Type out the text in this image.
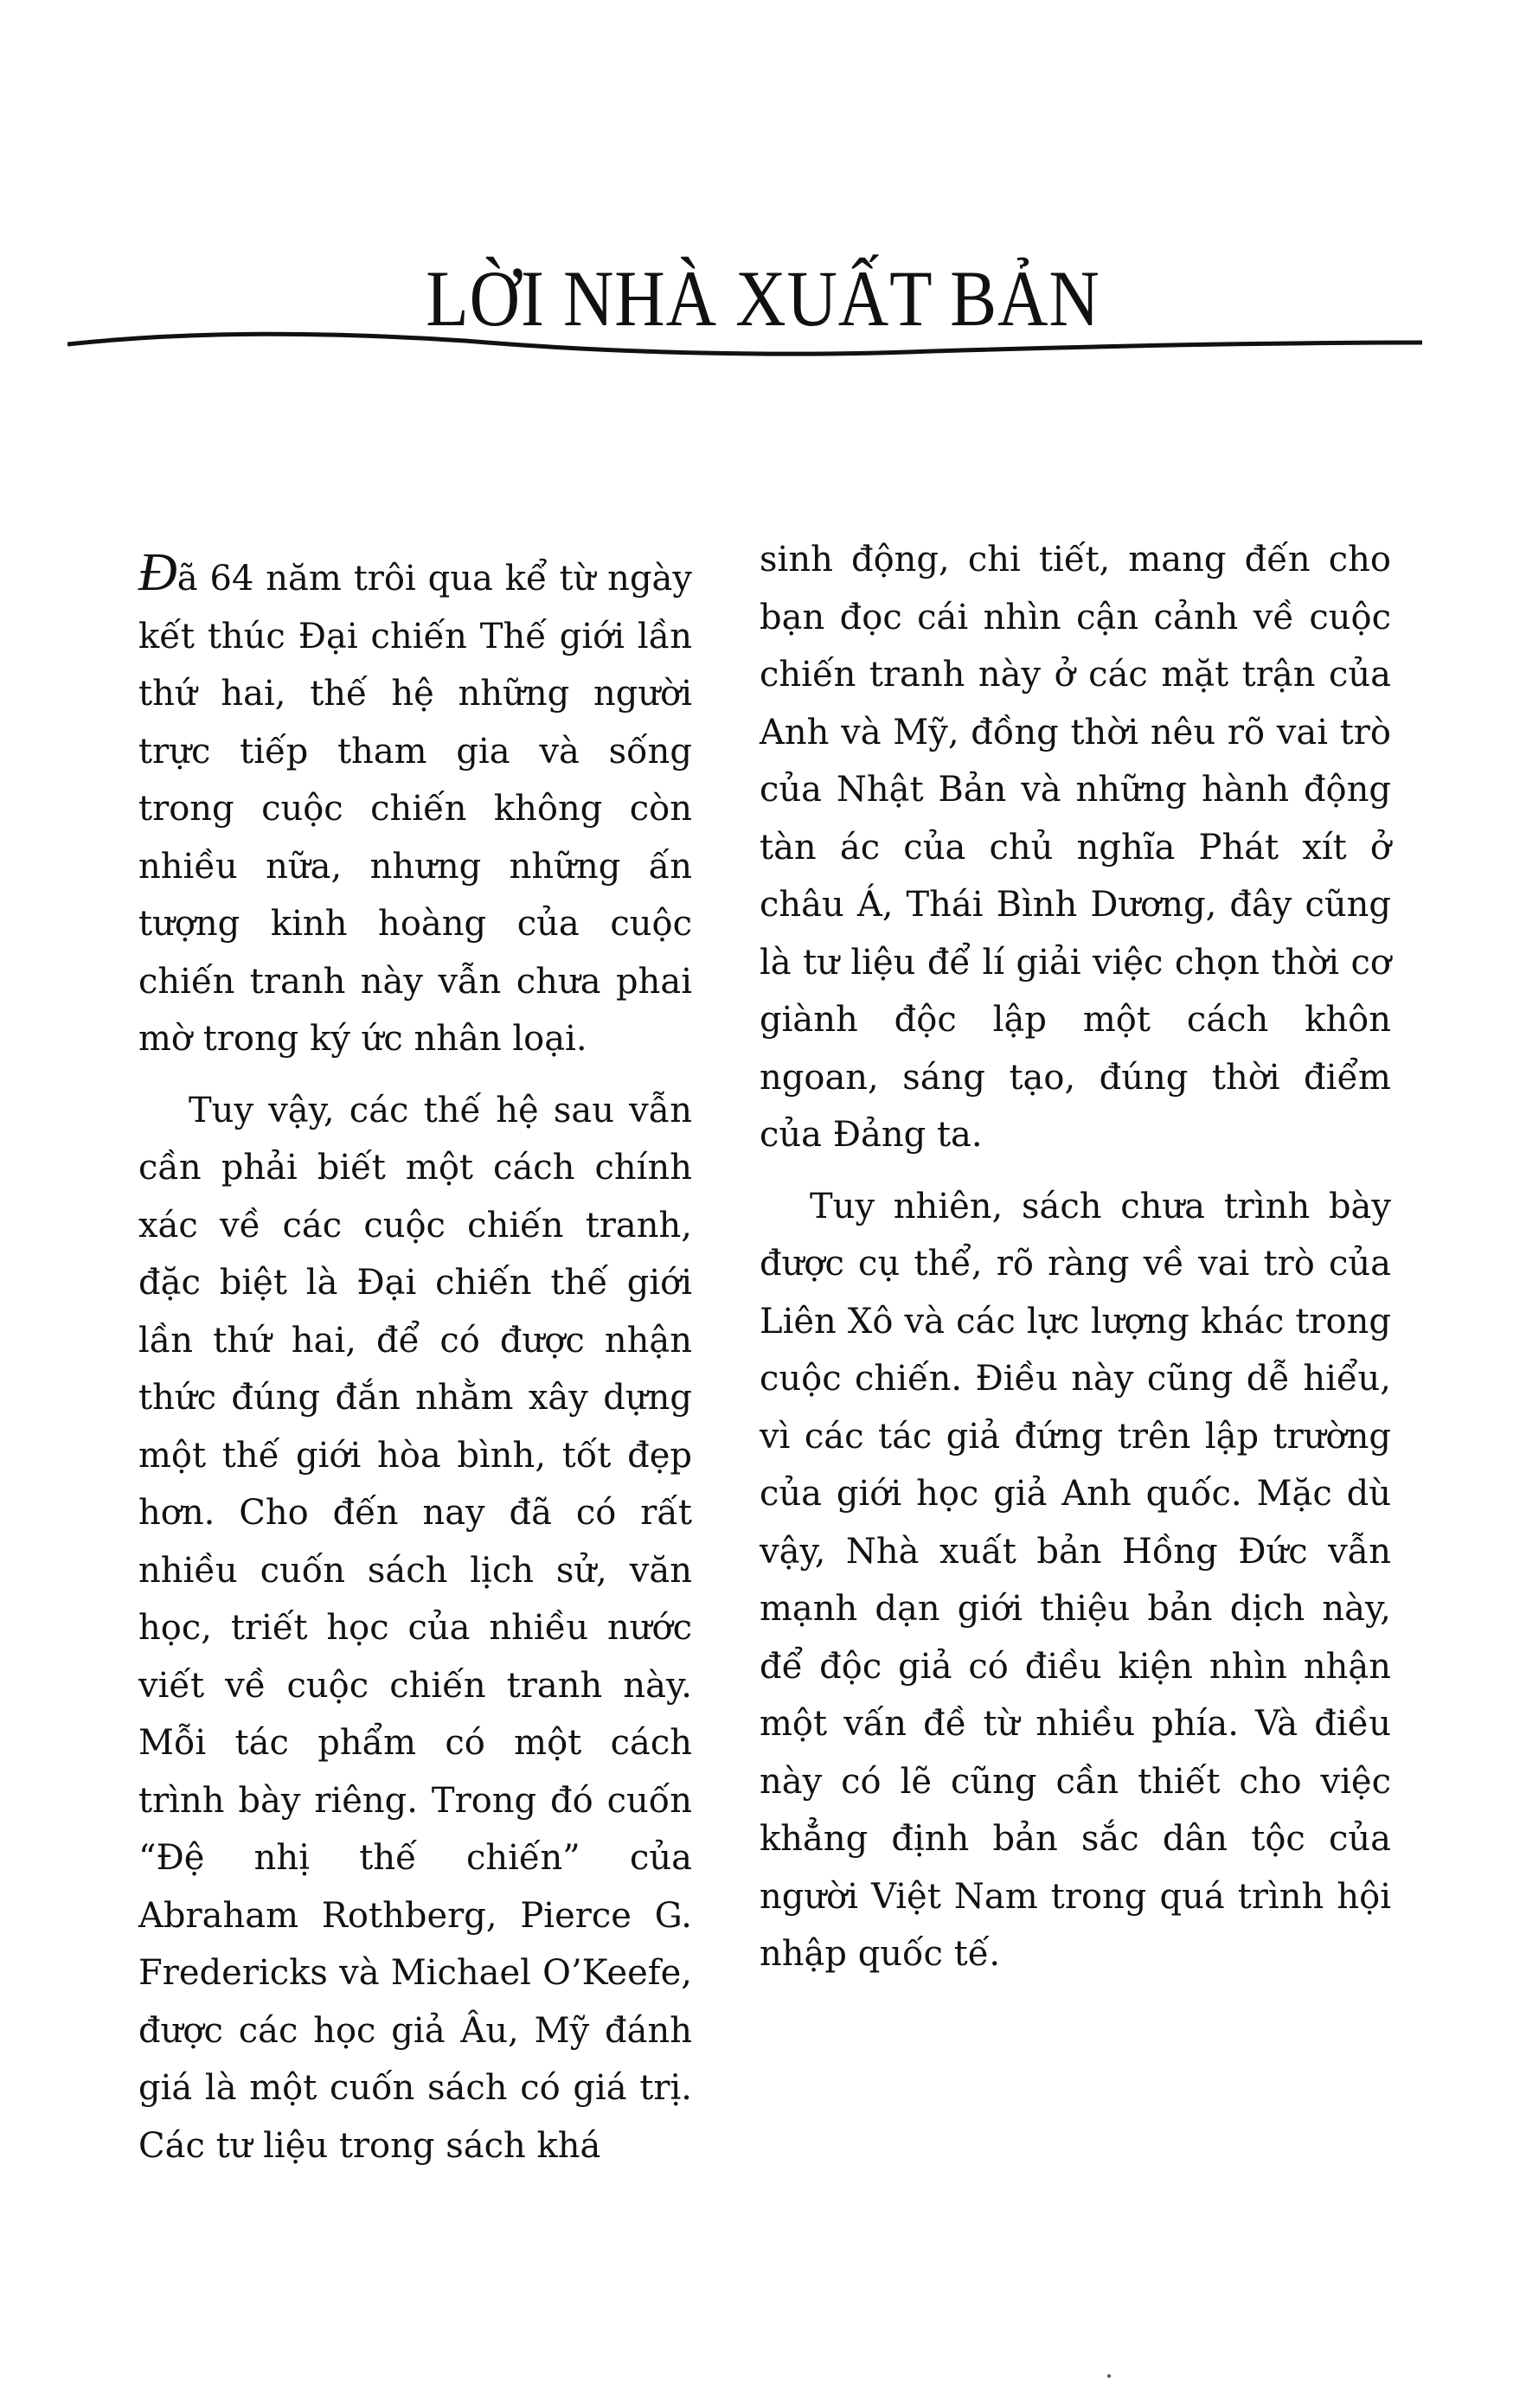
LỜI NHÀ XUẤT BẢN

Đã 64 năm trôi qua kể từ ngày kết thúc Đại chiến Thế giới lần thứ hai, thế hệ những người trực tiếp tham gia và sống trong cuộc chiến không còn nhiều nữa, nhưng những ấn tượng kinh hoàng của cuộc chiến tranh này vẫn chưa phai mờ trong ký ức nhân loại.

Tuy vậy, các thế hệ sau vẫn cần phải biết một cách chính xác về các cuộc chiến tranh, đặc biệt là Đại chiến thế giới lần thứ hai, để có được nhận thức đúng đắn nhằm xây dựng một thế giới hòa bình, tốt đẹp hơn. Cho đến nay đã có rất nhiều cuốn sách lịch sử, văn học, triết học của nhiều nước viết về cuộc chiến tranh này. Mỗi tác phẩm có một cách trình bày riêng. Trong đó cuốn “Đệ nhị thế chiến” của Abraham Rothberg, Pierce G. Fredericks và Michael O’Keefe, được các học giả Âu, Mỹ đánh giá là một cuốn sách có giá trị. Các tư liệu trong sách khá

sinh động, chi tiết, mang đến cho bạn đọc cái nhìn cận cảnh về cuộc chiến tranh này ở các mặt trận của Anh và Mỹ, đồng thời nêu rõ vai trò của Nhật Bản và những hành động tàn ác của chủ nghĩa Phát xít ở châu Á, Thái Bình Dương, đây cũng là tư liệu để lí giải việc chọn thời cơ giành độc lập một cách khôn ngoan, sáng tạo, đúng thời điểm của Đảng ta.

Tuy nhiên, sách chưa trình bày được cụ thể, rõ ràng về vai trò của Liên Xô và các lực lượng khác trong cuộc chiến. Điều này cũng dễ hiểu, vì các tác giả đứng trên lập trường của giới học giả Anh quốc. Mặc dù vậy, Nhà xuất bản Hồng Đức vẫn mạnh dạn giới thiệu bản dịch này, để độc giả có điều kiện nhìn nhận một vấn đề từ nhiều phía. Và điều này có lẽ cũng cần thiết cho việc khẳng định bản sắc dân tộc của người Việt Nam trong quá trình hội nhập quốc tế.
